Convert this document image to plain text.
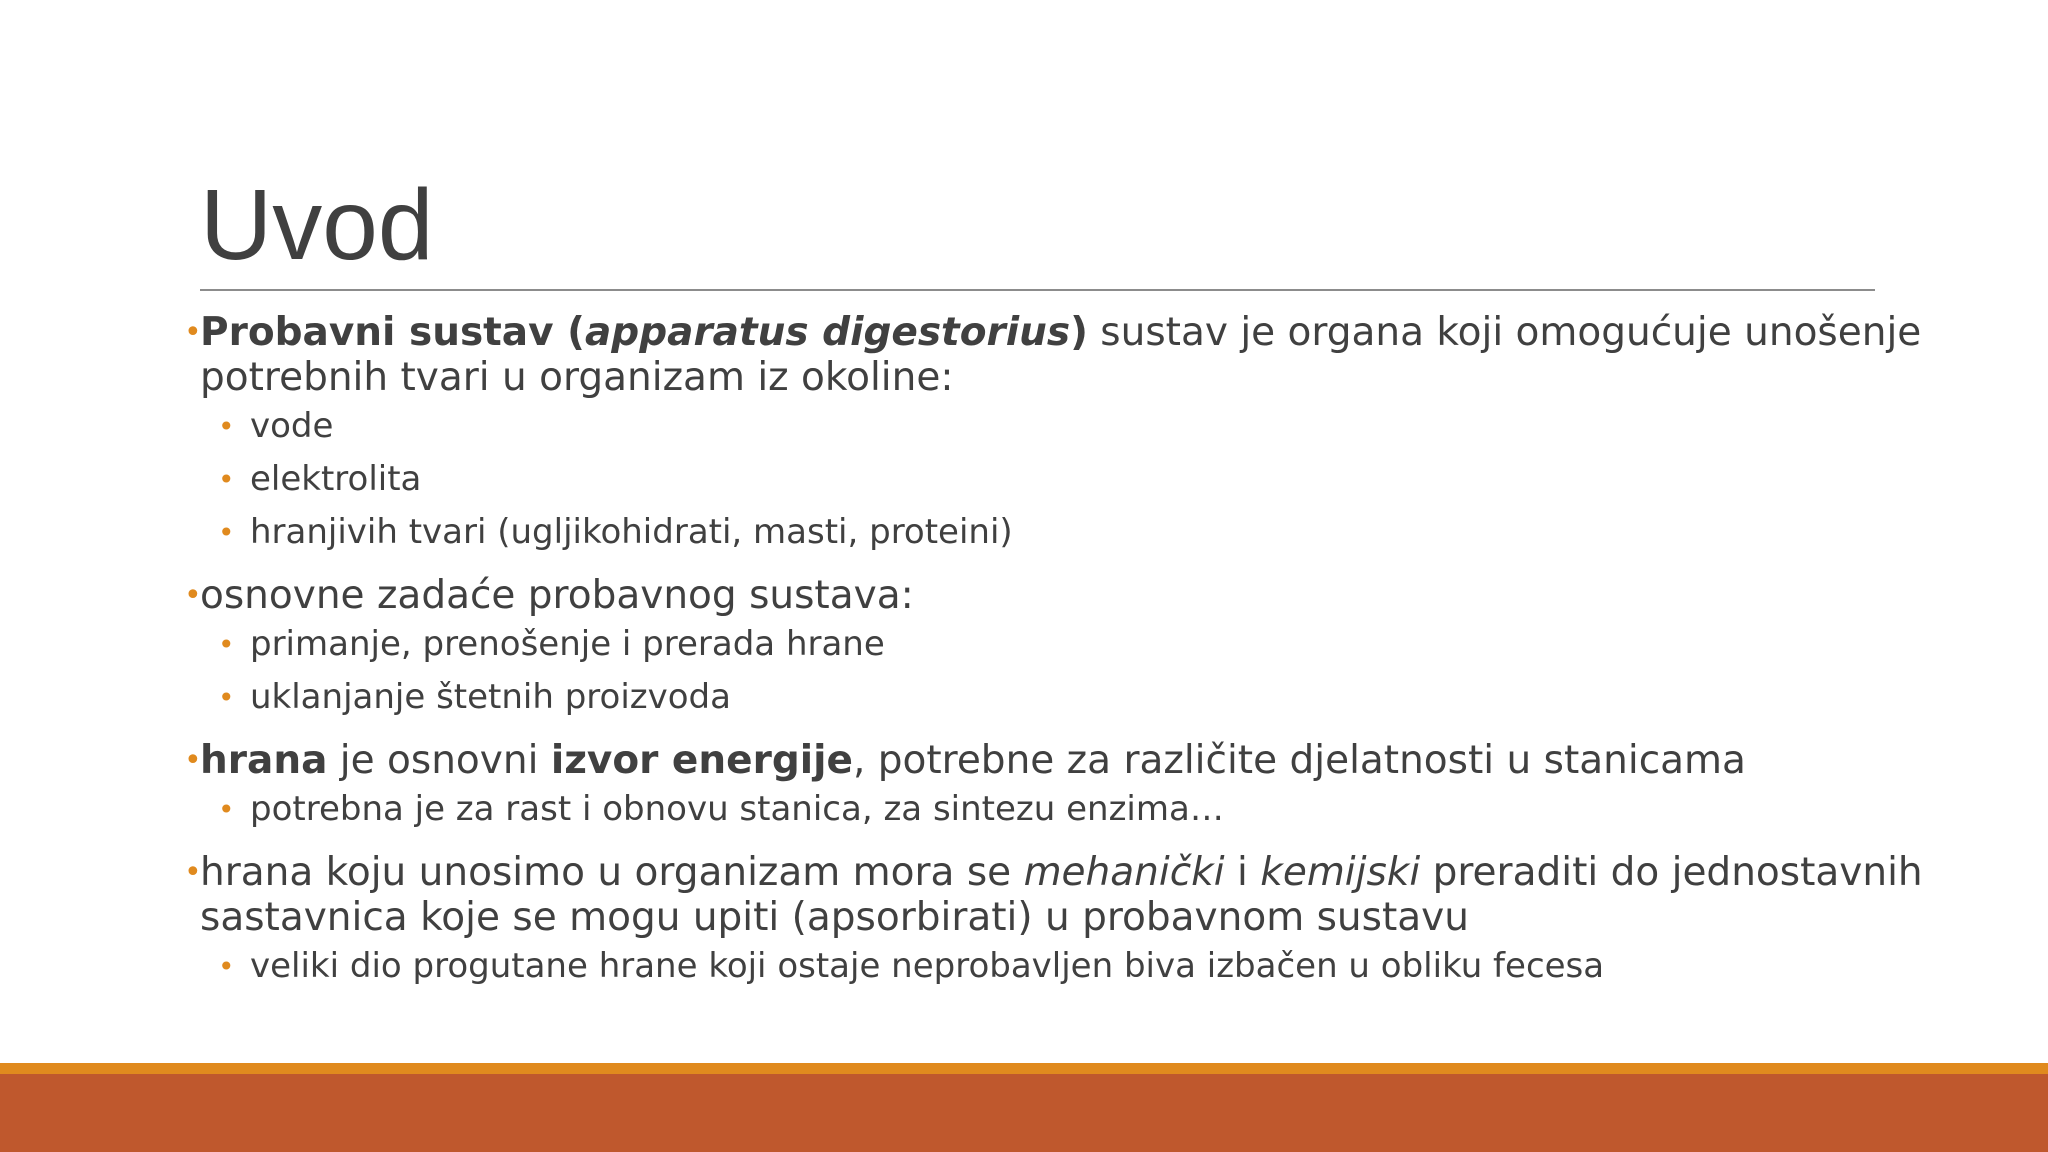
Uvod
•
Probavni sustav (apparatus digestorius) sustav je organa koji omogućuje unošenje potrebnih tvari u organizam iz okoline:
• vode
• elektrolita
• hranjivih tvari (ugljikohidrati, masti, proteini)
•
osnovne zadaće probavnog sustava:
• primanje, prenošenje i prerada hrane
• uklanjanje štetnih proizvoda
•
hrana je osnovni izvor energije, potrebne za različite djelatnosti u stanicama
• potrebna je za rast i obnovu stanica, za sintezu enzima…
•
hrana koju unosimo u organizam mora se mehanički i kemijski preraditi do jednostavnih sastavnica koje se mogu upiti (apsorbirati) u probavnom sustavu
• veliki dio progutane hrane koji ostaje neprobavljen biva izbačen u obliku fecesa
